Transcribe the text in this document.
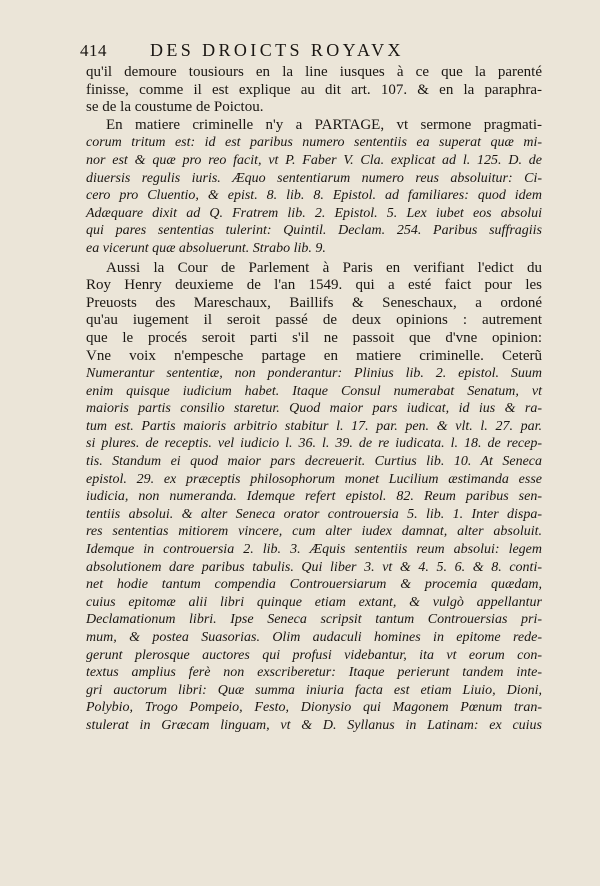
414	DES DROICTS ROYAVX
qu'il demoure tousiours en la line iusques à ce que la parenté
finisse, comme il est explique au dit art. 107. & en la paraphra-
se de la coustume de Poictou.
En matiere criminelle n'y a PARTAGE, vt sermone pragmati-
corum tritum est: id est paribus numero sententiis ea superat quæ mi-
nor est & quæ pro reo facit, vt P. Faber V. Cla. explicat ad l. 125. D. de
diuersis regulis iuris. Æquo sententiarum numero reus absoluitur: Ci-
cero pro Cluentio, & epist. 8. lib. 8. Epistol. ad familiares: quod idem
Adæquare dixit ad Q. Fratrem lib. 2. Epistol. 5. Lex iubet eos absolui
qui pares sententias tulerint: Quintil. Declam. 254. Paribus suffragiis
ea vicerunt quæ absoluerunt. Strabo lib. 9.
Aussi la Cour de Parlement à Paris en verifiant l'edict du
Roy Henry deuxieme de l'an 1549. qui a esté faict pour les
Preuosts des Mareschaux, Baillifs & Seneschaux, a ordoné
qu'au iugement il seroit passé de deux opinions : autrement
que le procés seroit parti s'il ne passoit que d'vne opinion:
Vne voix n'empesche partage en matiere criminelle. Ceterũ
Numerantur sententiæ, non ponderantur: Plinius lib. 2. epistol. Suum
enim quisque iudicium habet. Itaque Consul numerabat Senatum, vt
maioris partis consilio staretur. Quod maior pars iudicat, id ius & ra-
tum est. Partis maioris arbitrio stabitur l. 17. par. pen. & vlt. l. 27. par.
si plures. de receptis. vel iudicio l. 36. l. 39. de re iudicata. l. 18. de recep-
tis. Standum ei quod maior pars decreuerit. Curtius lib. 10. At Seneca
epistol. 29. ex præceptis philosophorum monet Lucilium æstimanda esse
iudicia, non numeranda. Idemque refert epistol. 82. Reum paribus sen-
tentiis absolui. & alter Seneca orator controuersia 5. lib. 1. Inter dispa-
res sententias mitiorem vincere, cum alter iudex damnat, alter absoluit.
Idemque in controuersia 2. lib. 3. Æquis sententiis reum absolui: legem
absolutionem dare paribus tabulis. Qui liber 3. vt & 4. 5. 6. & 8. conti-
net hodie tantum compendia Controuersiarum & procemia quædam,
cuius epitomæ alii libri quinque etiam extant, & vulgò appellantur
Declamationum libri. Ipse Seneca scripsit tantum Controuersias pri-
mum, & postea Suasorias. Olim audaculi homines in epitome rede-
gerunt plerosque auctores qui profusi videbantur, ita vt eorum con-
textus amplius ferè non exscriberetur: Itaque perierunt tandem inte-
gri auctorum libri: Quæ summa iniuria facta est etiam Liuio, Dioni,
Polybio, Trogo Pompeio, Festo, Dionysio qui Magonem Pœnum tran-
stulerat in Græcam linguam, vt & D. Syllanus in Latinam: ex cuius
